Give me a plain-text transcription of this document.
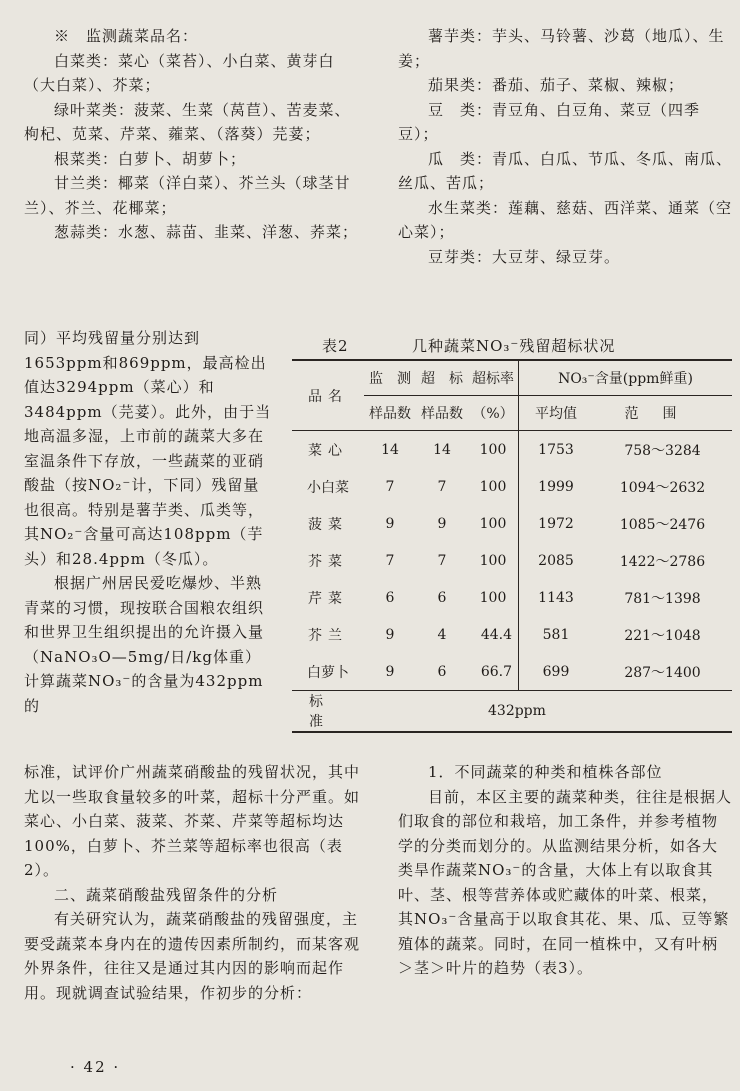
※　监测蔬菜品名：

白菜类：菜心（菜苔）、小白菜、黄芽白（大白菜）、芥菜；

绿叶菜类：菠菜、生菜（莴苣）、苦麦菜、枸杞、苋菜、芹菜、蕹菜、（落葵）芫荽；

根菜类：白萝卜、胡萝卜；

甘兰类：椰菜（洋白菜）、芥兰头（球茎甘兰）、芥兰、花椰菜；

葱蒜类：水葱、蒜苗、韭菜、洋葱、荞菜；

薯芋类：芋头、马铃薯、沙葛（地瓜）、生姜；

茄果类：番茄、茄子、菜椒、辣椒；

豆　类：青豆角、白豆角、菜豆（四季豆）；

瓜　类：青瓜、白瓜、节瓜、冬瓜、南瓜、丝瓜、苦瓜；

水生菜类：莲藕、慈菇、西洋菜、通菜（空心菜）；

豆芽类：大豆芽、绿豆芽。

同）平均残留量分别达到1653ppm和869ppm，最高检出值达3294ppm（菜心）和3484ppm（芫荽）。此外，由于当地高温多湿，上市前的蔬菜大多在室温条件下存放，一些蔬菜的亚硝酸盐（按NO₂⁻计，下同）残留量也很高。特别是薯芋类、瓜类等，其NO₂⁻含量可高达108ppm（芋头）和28.4ppm（冬瓜）。

根据广州居民爱吃爆炒、半熟青菜的习惯，现按联合国粮农组织和世界卫生组织提出的允许摄入量（NaNO₃O—5mg/日/kg体重）计算蔬菜NO₃⁻的含量为432ppm的

表2	几种蔬菜NO₃⁻残留超标状况
品名	监　测	超　标	超标率	NO₃⁻含量(ppm鲜重)	
	样品数	样品数	（%）	平均值	范围
菜心	14	14	100	1753	758～3284
小白菜	7	7	100	1999	1094～2632
菠菜	9	9	100	1972	1085～2476
芥菜	7	7	100	2085	1422～2786
芹菜	6	6	100	1143	781～1398
芥兰	9	4	44.4	581	221～1048
白萝卜	9	6	66.7	699	287～1400
标准	432ppm				

标准，试评价广州蔬菜硝酸盐的残留状况，其中尤以一些取食量较多的叶菜，超标十分严重。如菜心、小白菜、菠菜、芥菜、芹菜等超标均达100%，白萝卜、芥兰菜等超标率也很高（表2）。

二、蔬菜硝酸盐残留条件的分析

有关研究认为，蔬菜硝酸盐的残留强度，主要受蔬菜本身内在的遗传因素所制约，而某客观外界条件，往往又是通过其内因的影响而起作用。现就调查试验结果，作初步的分析：

1．不同蔬菜的种类和植株各部位

目前，本区主要的蔬菜种类，往往是根据人们取食的部位和栽培，加工条件，并参考植物学的分类而划分的。从监测结果分析，如各大类旱作蔬菜NO₃⁻的含量，大体上有以取食其叶、茎、根等营养体或贮藏体的叶菜、根菜，其NO₃⁻含量高于以取食其花、果、瓜、豆等繁殖体的蔬菜。同时，在同一植株中，又有叶柄＞茎＞叶片的趋势（表3）。

· 42 ·
